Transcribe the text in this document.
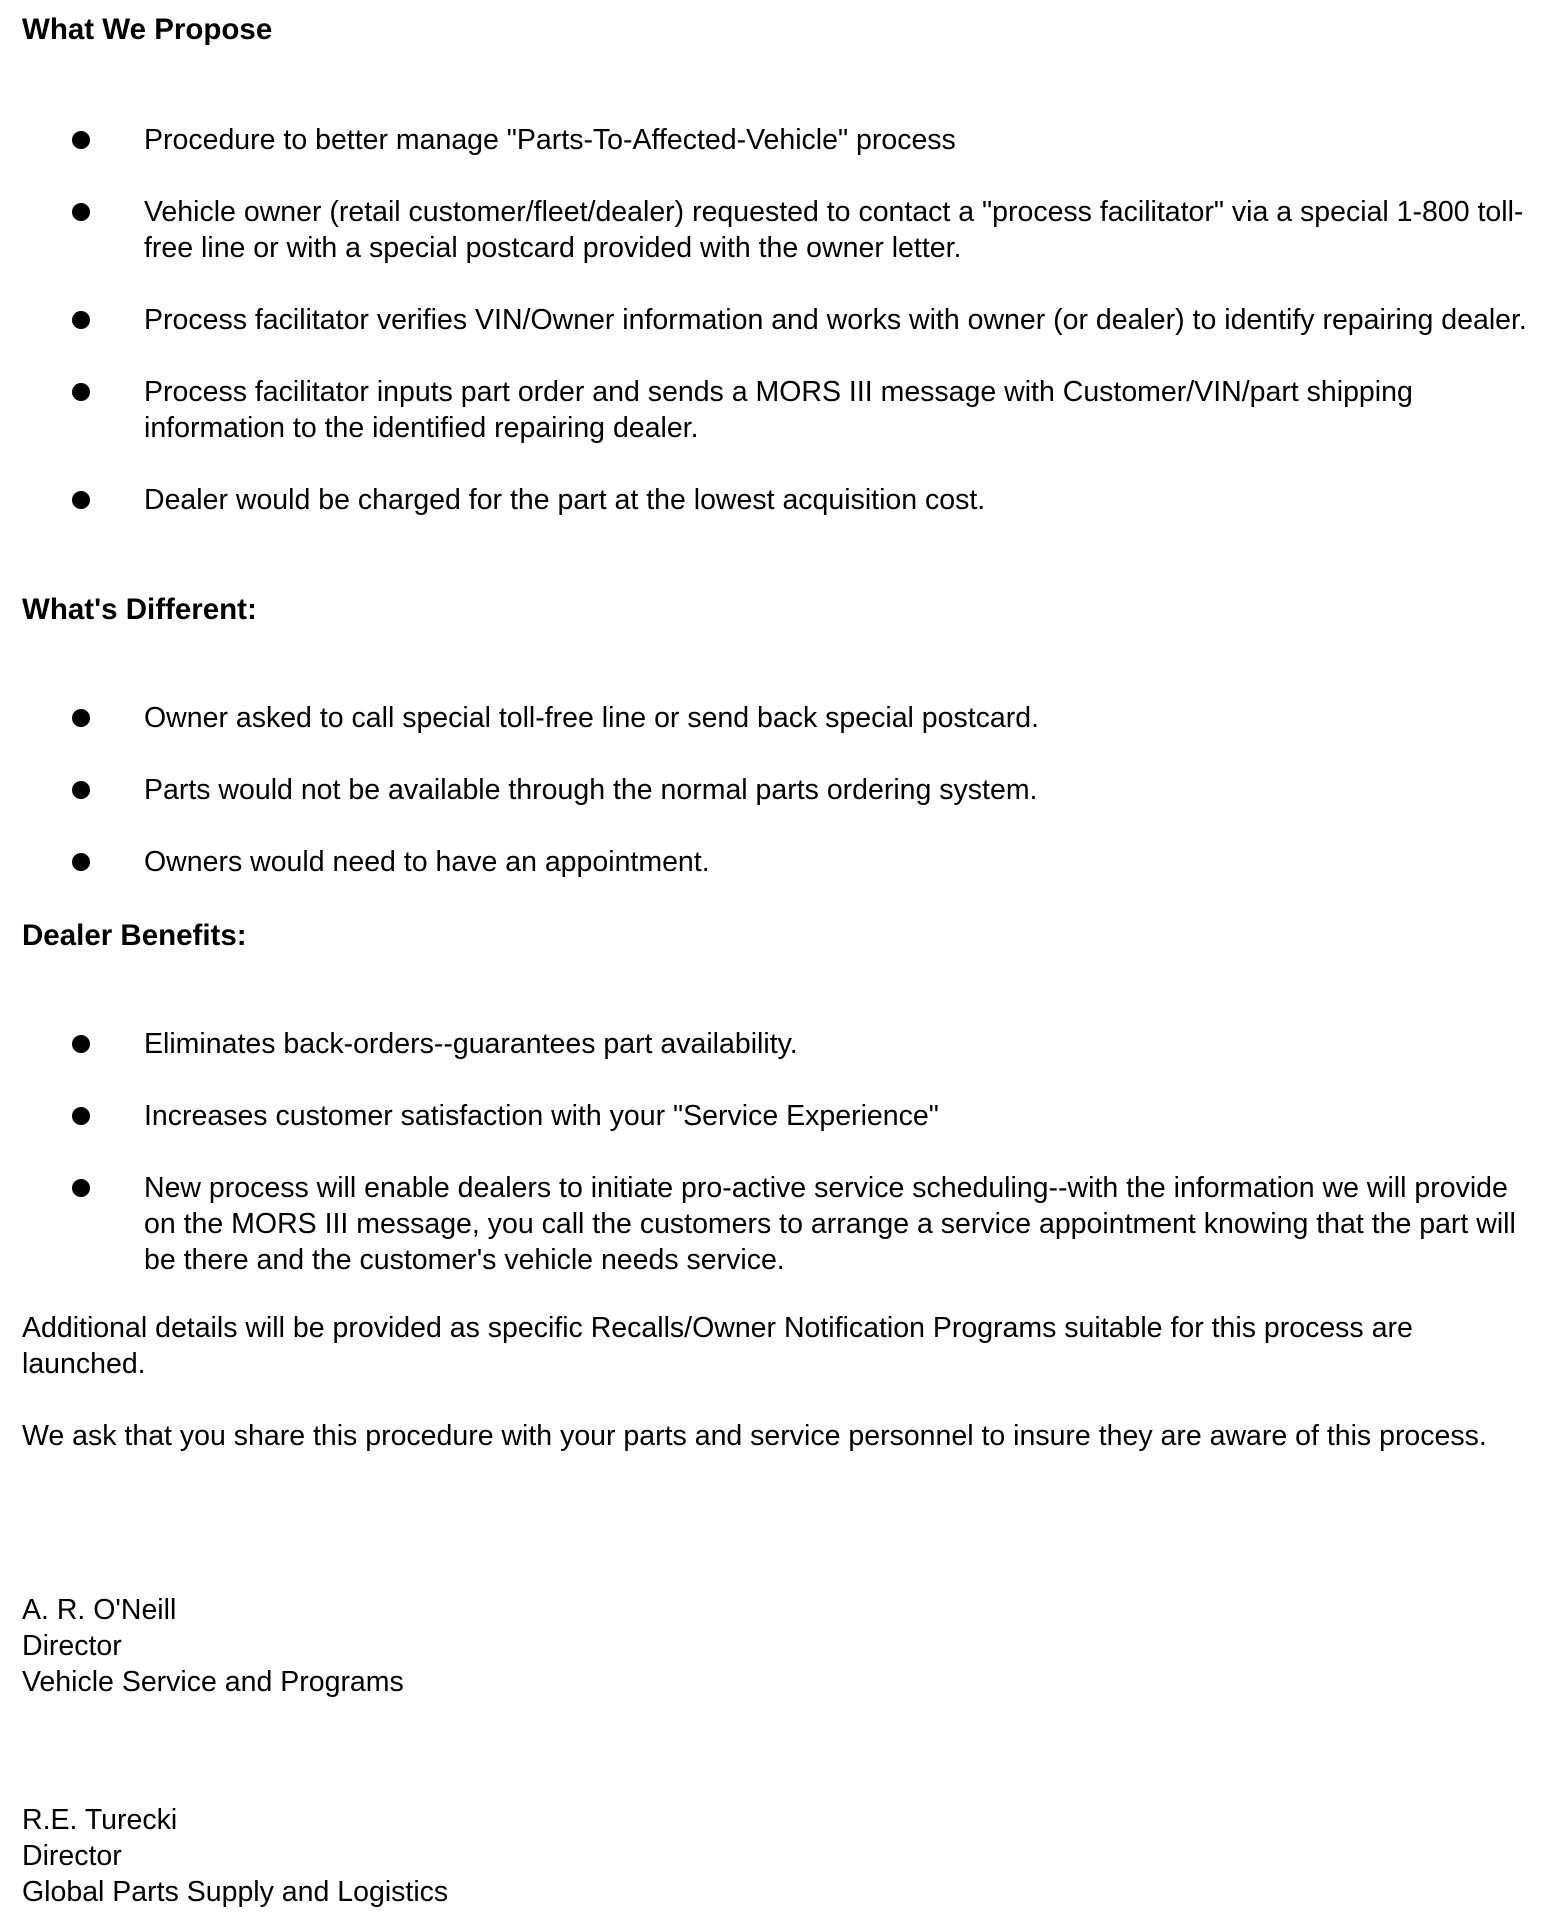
What We Propose
Procedure to better manage "Parts-To-Affected-Vehicle" process
Vehicle owner (retail customer/fleet/dealer) requested to contact a "process facilitator" via a special 1-800 toll-free line or with a special postcard provided with the owner letter.
Process facilitator verifies VIN/Owner information and works with owner (or dealer) to identify repairing dealer.
Process facilitator inputs part order and sends a MORS III message with Customer/VIN/part shipping information to the identified repairing dealer.
Dealer would be charged for the part at the lowest acquisition cost.
What's Different:
Owner asked to call special toll-free line or send back special postcard.
Parts would not be available through the normal parts ordering system.
Owners would need to have an appointment.
Dealer Benefits:
Eliminates back-orders--guarantees part availability.
Increases customer satisfaction with your "Service Experience"
New process will enable dealers to initiate pro-active service scheduling--with the information we will provide on the MORS III message, you call the customers to arrange a service appointment knowing that the part will be there and the customer's vehicle needs service.

Additional details will be provided as specific Recalls/Owner Notification Programs suitable for this process are launched.

We ask that you share this procedure with your parts and service personnel to insure they are aware of this process.

A. R. O'Neill
Director
Vehicle Service and Programs
R.E. Turecki
Director
Global Parts Supply and Logistics
